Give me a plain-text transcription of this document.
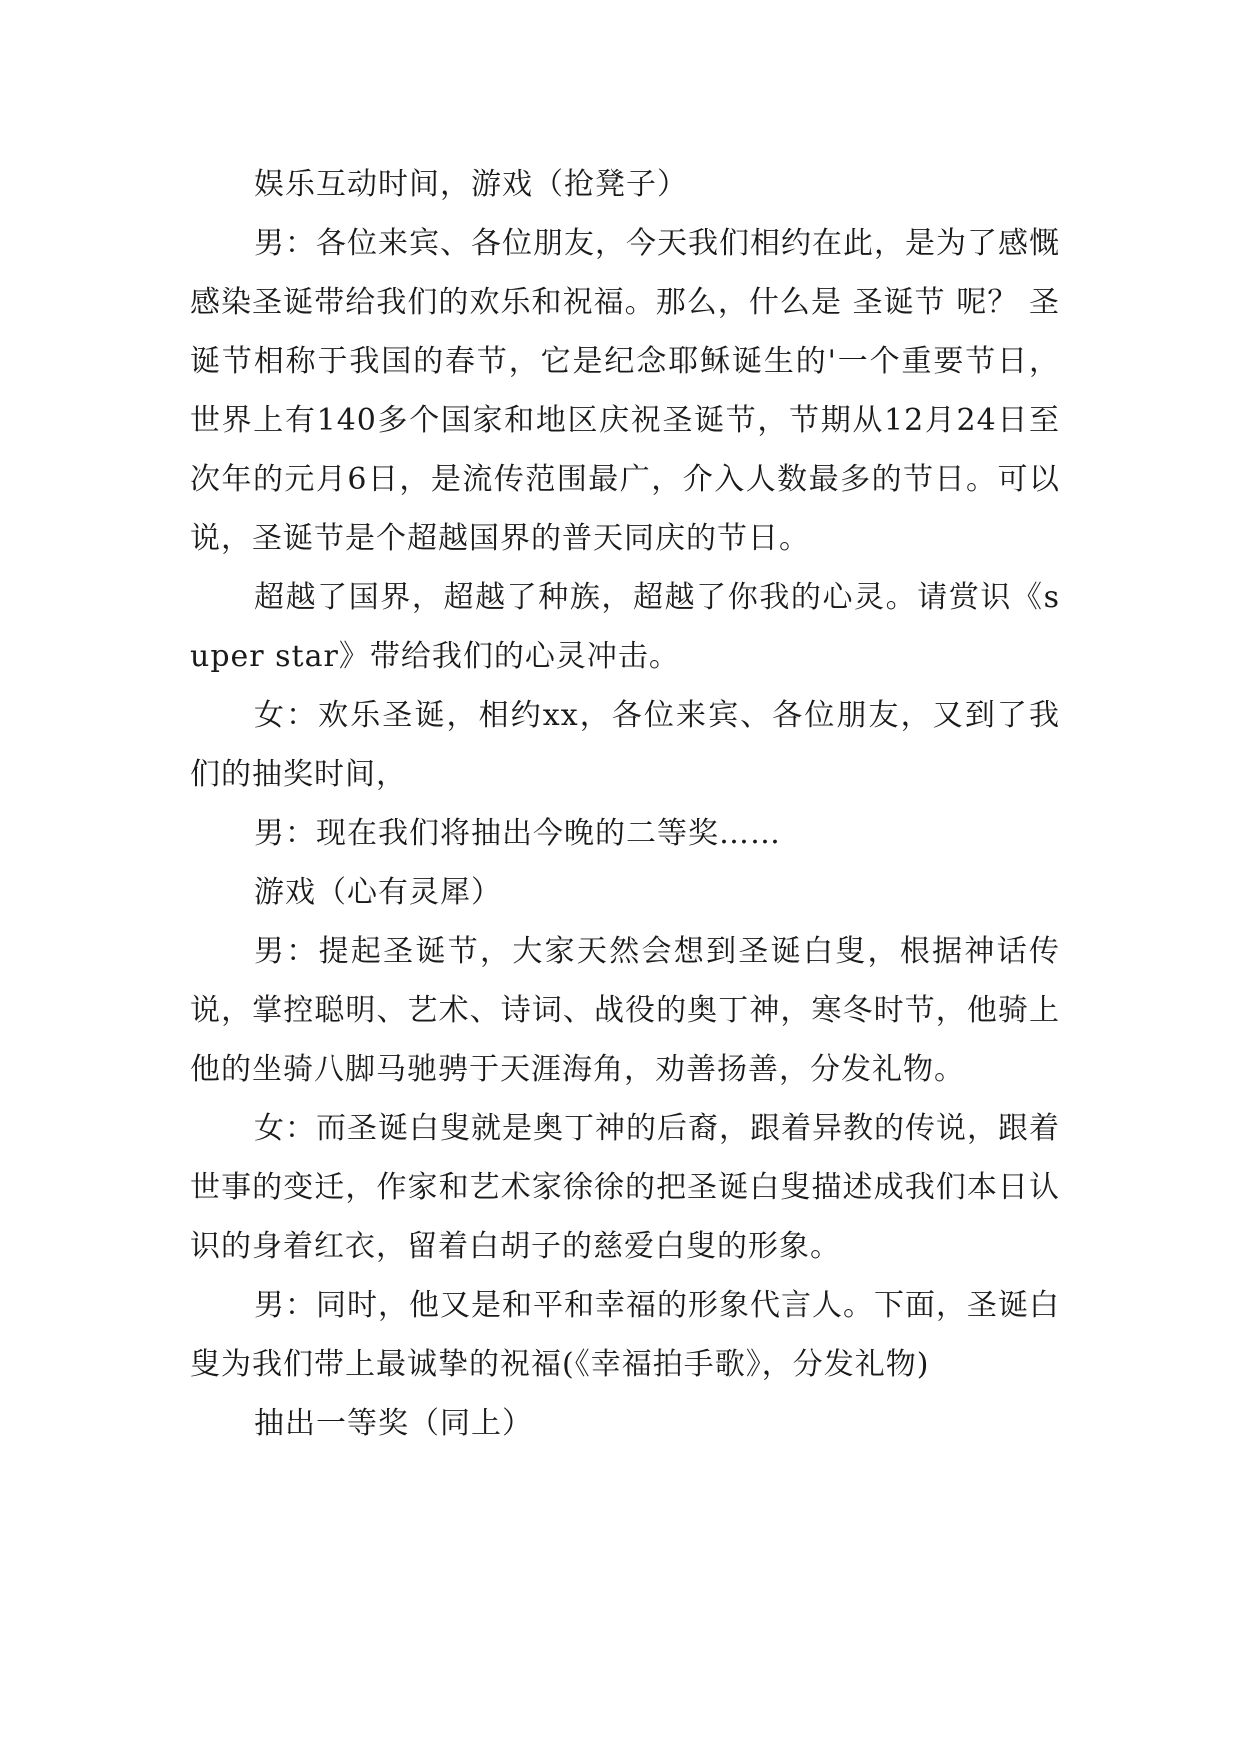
娱乐互动时间，游戏（抢凳子）

男：各位来宾、各位朋友，今天我们相约在此，是为了感慨感染圣诞带给我们的欢乐和祝福。那么，什么是 圣诞节 呢？ 圣诞节相称于我国的春节，它是纪念耶稣诞生的'一个重要节日，世界上有140多个国家和地区庆祝圣诞节，节期从12月24日至次年的元月6日，是流传范围最广，介入人数最多的节日。可以说，圣诞节是个超越国界的普天同庆的节日。

超越了国界，超越了种族，超越了你我的心灵。请赏识《super star》带给我们的心灵冲击。

女：欢乐圣诞，相约xx，各位来宾、各位朋友，又到了我们的抽奖时间，

男：现在我们将抽出今晚的二等奖……

游戏（心有灵犀）

男：提起圣诞节，大家天然会想到圣诞白叟，根据神话传说，掌控聪明、艺术、诗词、战役的奥丁神，寒冬时节，他骑上他的坐骑八脚马驰骋于天涯海角，劝善扬善，分发礼物。

女：而圣诞白叟就是奥丁神的后裔，跟着异教的传说，跟着世事的变迁，作家和艺术家徐徐的把圣诞白叟描述成我们本日认识的身着红衣，留着白胡子的慈爱白叟的形象。

男：同时，他又是和平和幸福的形象代言人。下面，圣诞白叟为我们带上最诚挚的祝福(《幸福拍手歌》，分发礼物)

抽出一等奖（同上）
